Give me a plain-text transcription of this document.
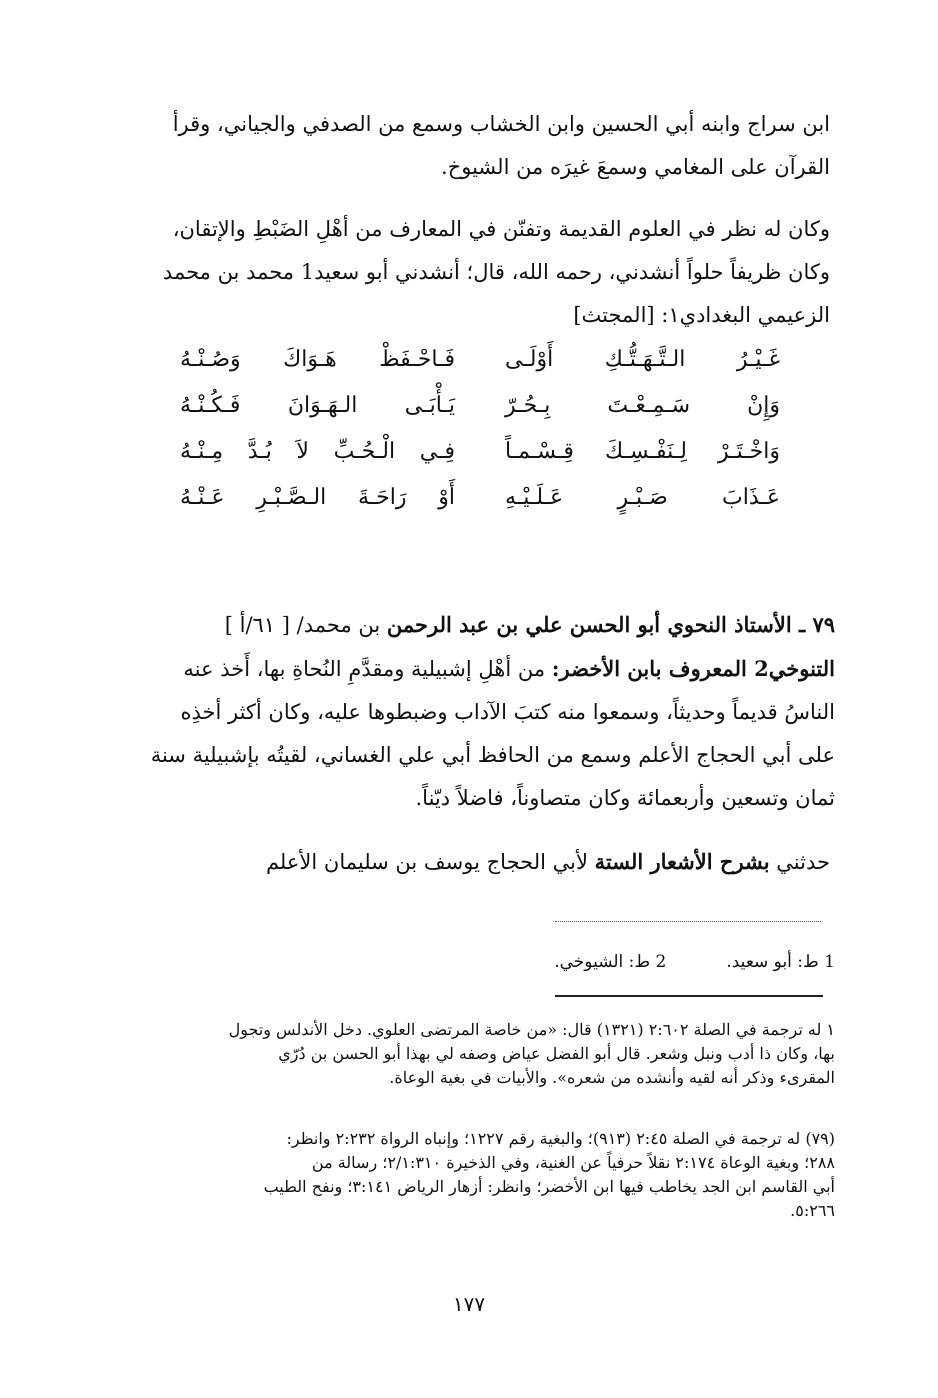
ابن سراج وابنه أبي الحسين وابن الخشاب وسمع من الصدفي والجياني، وقرأ
القرآن على المغامي وسمعَ غيرَه من الشيوخ.
وكان له نظر في العلوم القديمة وتفنّن في المعارف من أهْلِ الضَبْطِ والإتقان،
وكان ظريفاً حلواً أنشدني، رحمه الله، قال؛ أنشدني أبو سعيد1 محمد بن محمد
الزعيمي البغدادي١: [المجتث]
غَـيْـرُ الـتَّـهَـتُّـكِ أَوْلَـى
فَـاحْـفَظْ هَـوَاكَ وَصُـنْـهُ
وَإِنْ سَـمِـعْـتَ بِـحُـرّ
يَـأْبَـى الـهَـوَانَ فَـكُـنْـهُ
وَاخْـتَـرْ لِـنَفْـسِـكَ قِـسْـمـاً
فِـي الْـحُـبِّ لاَ بُـدَّ مِـنْـهُ
عَـذَابَ صَـبْـرٍ عَـلَـيْـهِ
أَوْ رَاحَـةَ الـصَّـبْـرِ عَـنْـهُ
٧٩ ـ الأستاذ النحوي أبو الحسن علي بن عبد الرحمن بن محمد/ [ ٦١/أ ]
التنوخي2 المعروف بابن الأخضر: من أهْلِ إشبيلية ومقدَّمِ النُحاةِ بها، أَخذ عنه
الناسُ قديماً وحديثاً، وسمعوا منه كتبَ الآداب وضبطوها عليه، وكان أكثر أخذِه
على أبي الحجاج الأعلم وسمع من الحافظ أبي علي الغساني، لقيتُه بإشبيلية سنة
ثمان وتسعين وأربعمائة وكان متصاوناً، فاضلاً ديّناً.
حدثني بشرح الأشعار الستة لأبي الحجاج يوسف بن سليمان الأعلم
1 ط: أبو سعيد.
2 ط: الشيوخي.
١ له ترجمة في الصلة ٢:٦٠٢ (١٣٢١) قال: «من خاصة المرتضى العلوي. دخل الأندلس وتجول
بها، وكان ذا أدب ونبل وشعر. قال أبو الفضل عياض وصفه لي بهذا أبو الحسن بن دُرّي
المقرىء وذكر أنه لقيه وأنشده من شعره». والأبيات في بغية الوعاة.
(٧٩) له ترجمة في الصلة ٢:٤٥ (٩١٣)؛ والبغية رقم ١٢٢٧؛ وإنباه الرواة ٢:٢٣٢ وانظر:
٢٨٨؛ وبغية الوعاة ٢:١٧٤ نقلاً حرفياً عن الغنية، وفي الذخيرة ٢/١:٣١٠؛ رسالة من
أبي القاسم ابن الجد يخاطب فيها ابن الأخضر؛ وانظر: أزهار الرياض ٣:١٤١؛ ونفح الطيب
٥:٢٦٦.
١٧٧
